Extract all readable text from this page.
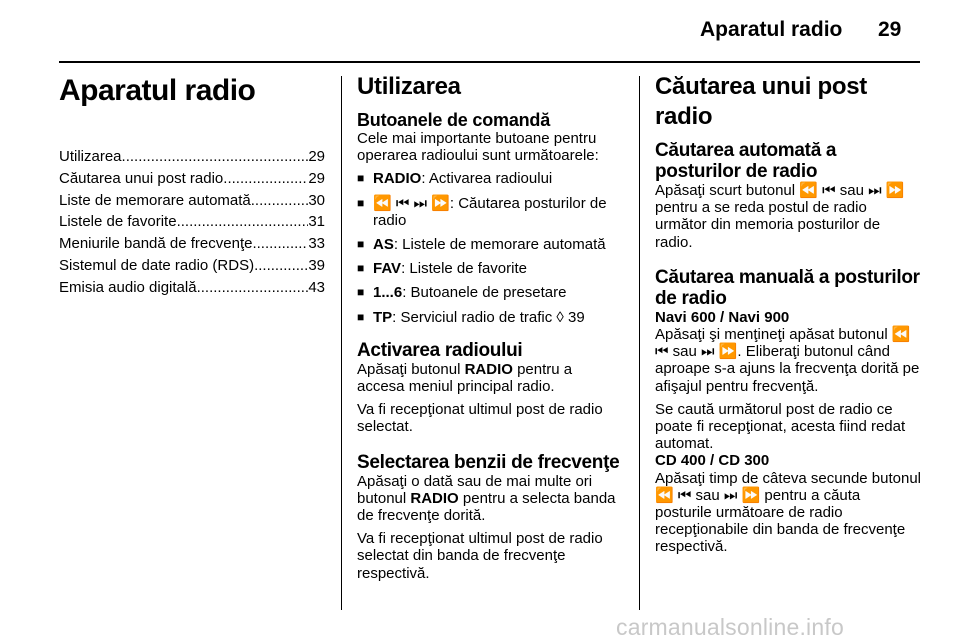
Aparatul radio 29
Aparatul radio
Utilizarea .....	29
Căutarea unui post radio .....	29
Liste de memorare automată .....	30
Listele de favorite .....	31
Meniurile bandă de frecvenţe .....	33
Sistemul de date radio (RDS) .....	39
Emisia audio digitală .....	43
Utilizarea
Butoanele de comandă

Cele mai importante butoane pentru operarea radioului sunt următoarele:

■ RADIO: Activarea radioului
■ ⏪ ⏮ ⏭ ⏩: Căutarea posturilor de radio
■ AS: Listele de memorare automată
■ FAV: Listele de favorite
■ 1...6: Butoanele de presetare
■ TP: Serviciul radio de trafic ◊ 39
Activarea radioului

Apăsaţi butonul RADIO pentru a accesa meniul principal radio.

Va fi recepţionat ultimul post de radio selectat.

Selectarea benzii de frecvenţe

Apăsaţi o dată sau de mai multe ori butonul RADIO pentru a selecta banda de frecvenţe dorită.

Va fi recepţionat ultimul post de radio selectat din banda de frecvenţe respectivă.

Căutarea unui post radio
Căutarea automată a posturilor de radio

Apăsaţi scurt butonul ⏪ ⏮ sau ⏭ ⏩ pentru a se reda postul de radio următor din memoria posturilor de radio.

Căutarea manuală a posturilor de radio

Navi 600 / Navi 900

Apăsaţi şi menţineţi apăsat butonul ⏪ ⏮ sau ⏭ ⏩. Eliberaţi butonul când aproape s-a ajuns la frecvenţa dorită pe afişajul pentru frecvenţă.

Se caută următorul post de radio ce poate fi recepţionat, acesta fiind redat automat.

CD 400 / CD 300

Apăsaţi timp de câteva secunde butonul ⏪ ⏮ sau ⏭ ⏩ pentru a căuta posturile următoare de radio recepţionabile din banda de frecvenţe respectivă.

carmanualsonline.info
